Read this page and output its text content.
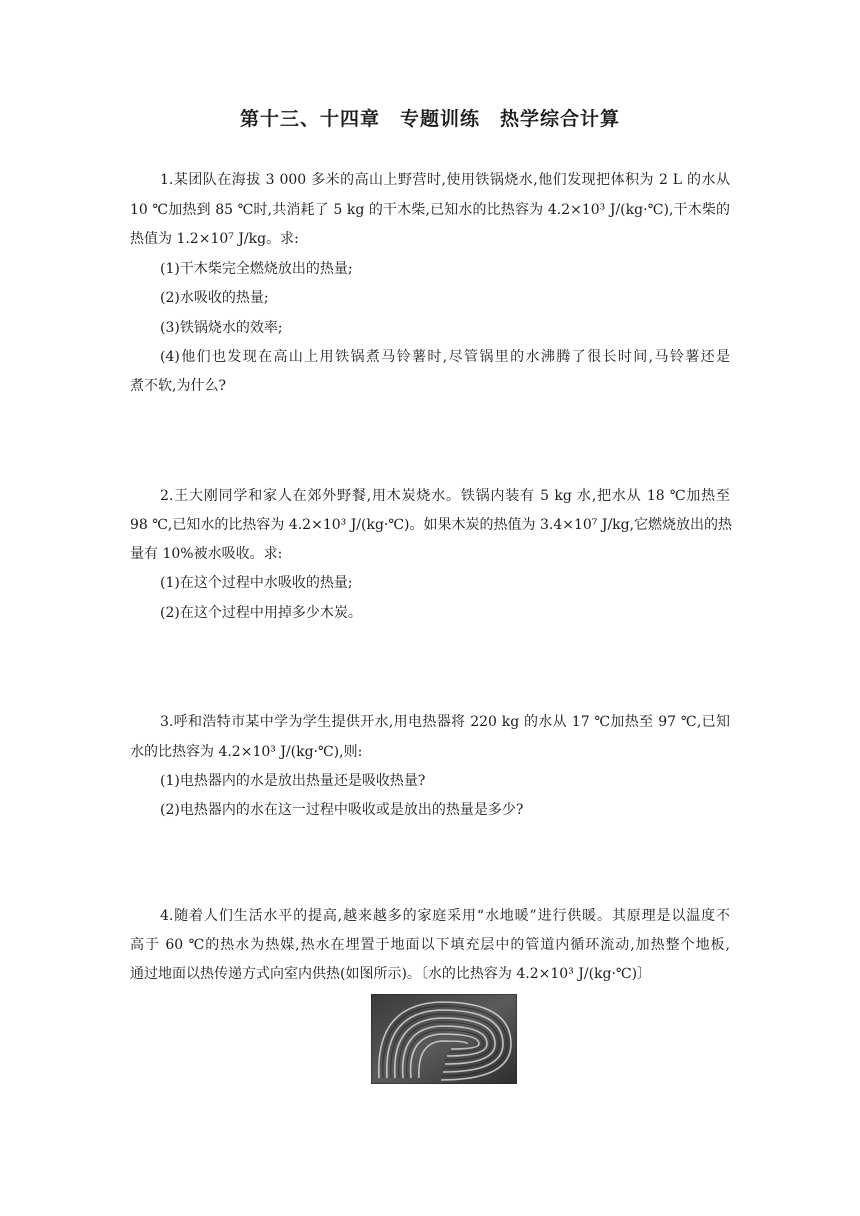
第十三、十四章　专题训练　热学综合计算
1.某团队在海拔 3 000 多米的高山上野营时,使用铁锅烧水,他们发现把体积为 2 L 的水从
10 ℃加热到 85 ℃时,共消耗了 5 kg 的干木柴,已知水的比热容为 4.2×10³ J/(kg·℃),干木柴的
热值为 1.2×10⁷ J/kg。求:
(1)干木柴完全燃烧放出的热量;
(2)水吸收的热量;
(3)铁锅烧水的效率;
(4)他们也发现在高山上用铁锅煮马铃薯时,尽管锅里的水沸腾了很长时间,马铃薯还是
煮不软,为什么?
2.王大刚同学和家人在郊外野餐,用木炭烧水。铁锅内装有 5 kg 水,把水从 18 ℃加热至
98 ℃,已知水的比热容为 4.2×10³ J/(kg·℃)。如果木炭的热值为 3.4×10⁷ J/kg,它燃烧放出的热
量有 10%被水吸收。求:
(1)在这个过程中水吸收的热量;
(2)在这个过程中用掉多少木炭。
3.呼和浩特市某中学为学生提供开水,用电热器将 220 kg 的水从 17 ℃加热至 97 ℃,已知
水的比热容为 4.2×10³ J/(kg·℃),则:
(1)电热器内的水是放出热量还是吸收热量?
(2)电热器内的水在这一过程中吸收或是放出的热量是多少?
4.随着人们生活水平的提高,越来越多的家庭采用“水地暖”进行供暖。其原理是以温度不
高于 60 ℃的热水为热媒,热水在埋置于地面以下填充层中的管道内循环流动,加热整个地板,
通过地面以热传递方式向室内供热(如图所示)。〔水的比热容为 4.2×10³ J/(kg·℃)〕
